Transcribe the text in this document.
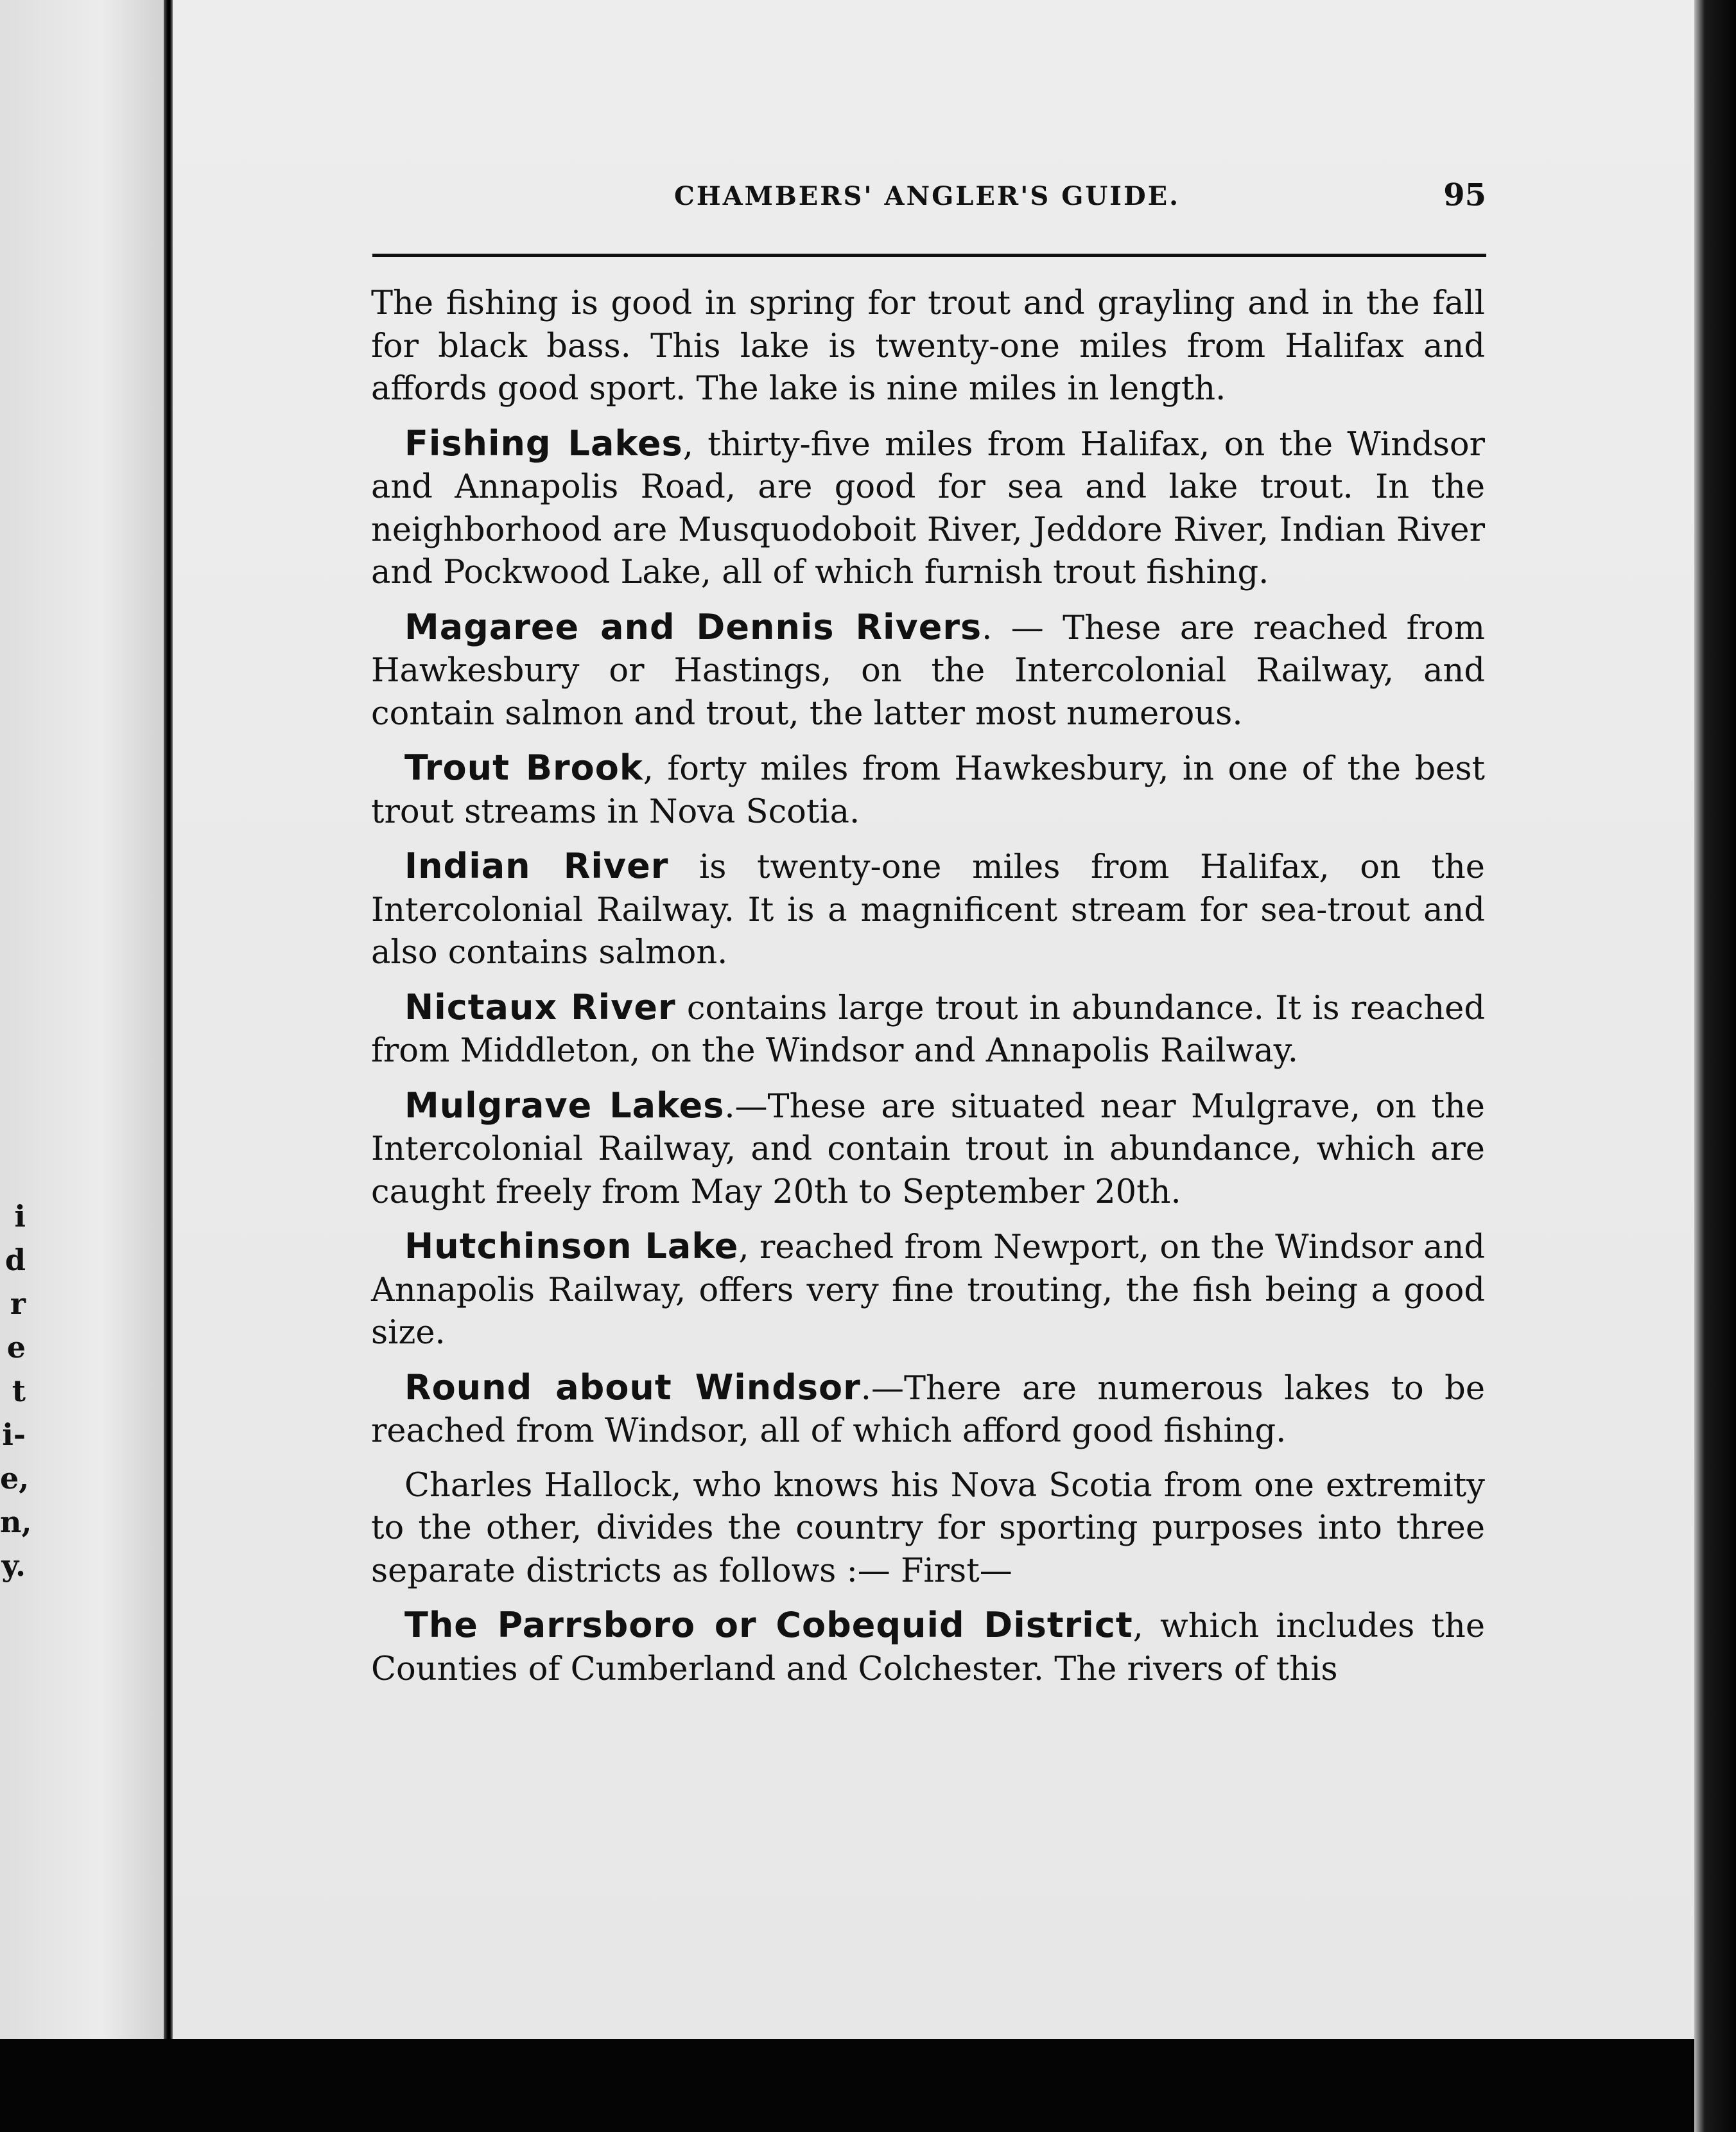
i
d
r
e
t
i-
e,
n,
y.
CHAMBERS' ANGLER'S GUIDE.	95

The fishing is good in spring for trout and grayling and in the fall for black bass. This lake is twenty-one miles from Halifax and affords good sport. The lake is nine miles in length.

Fishing Lakes, thirty-five miles from Halifax, on the Windsor and Annapolis Road, are good for sea and lake trout. In the neighborhood are Musquodoboit River, Jeddore River, Indian River and Pockwood Lake, all of which furnish trout fishing.

Magaree and Dennis Rivers. — These are reached from Hawkesbury or Hastings, on the Intercolonial Railway, and contain salmon and trout, the latter most numerous.

Trout Brook, forty miles from Hawkesbury, in one of the best trout streams in Nova Scotia.

Indian River is twenty-one miles from Halifax, on the Intercolonial Railway. It is a magnificent stream for sea-trout and also contains salmon.

Nictaux River contains large trout in abundance. It is reached from Middleton, on the Windsor and Annapolis Railway.

Mulgrave Lakes.—These are situated near Mulgrave, on the Intercolonial Railway, and contain trout in abundance, which are caught freely from May 20th to September 20th.

Hutchinson Lake, reached from Newport, on the Windsor and Annapolis Railway, offers very fine trouting, the fish being a good size.

Round about Windsor.—There are numerous lakes to be reached from Windsor, all of which afford good fishing.

Charles Hallock, who knows his Nova Scotia from one extremity to the other, divides the country for sporting purposes into three separate districts as follows :— First—

The Parrsboro or Cobequid District, which includes the Counties of Cumberland and Colchester. The rivers of this
